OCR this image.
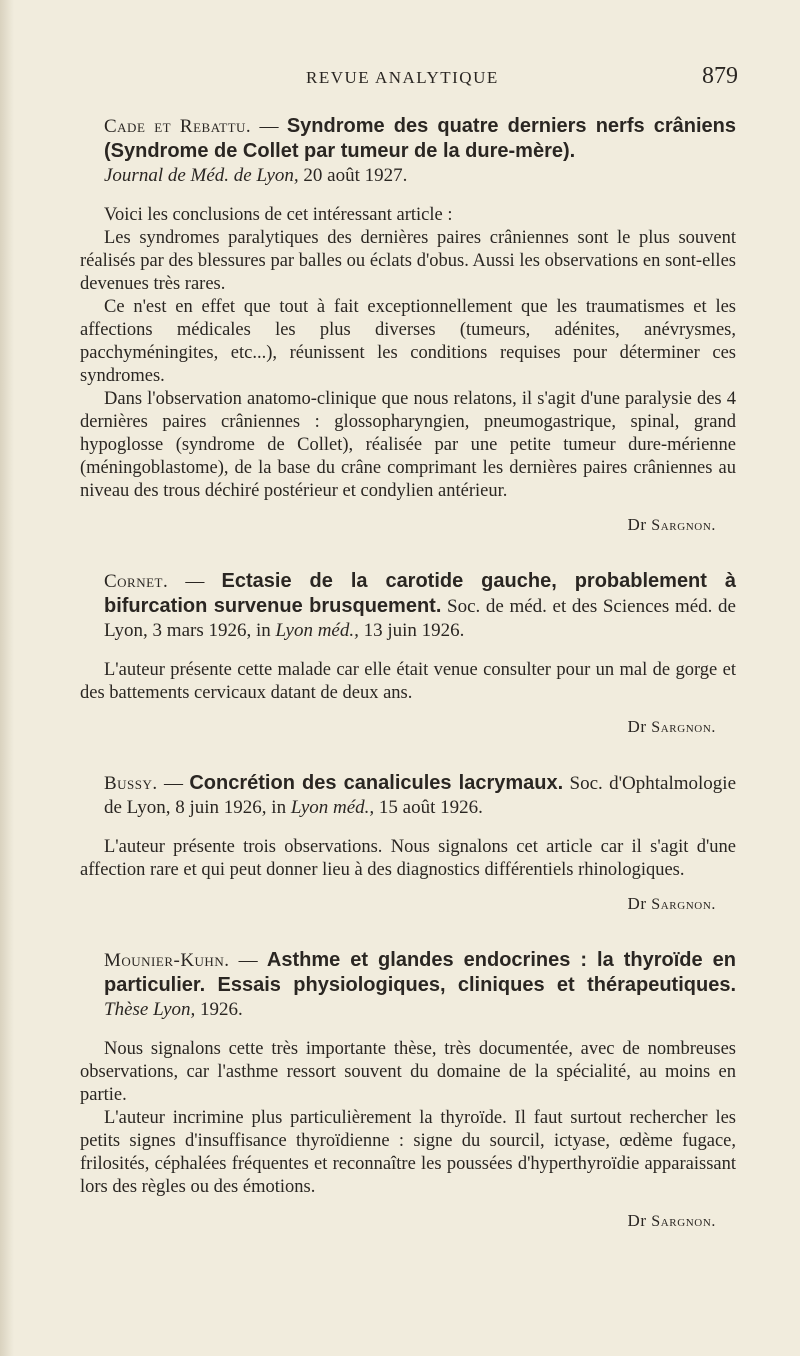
REVUE ANALYTIQUE	879

Cade et Rebattu. — Syndrome des quatre derniers nerfs crâniens (Syndrome de Collet par tumeur de la dure-mère).
Journal de Méd. de Lyon, 20 août 1927.

Voici les conclusions de cet intéressant article :

Les syndromes paralytiques des dernières paires crâniennes sont le plus souvent réalisés par des blessures par balles ou éclats d'obus. Aussi les observations en sont-elles devenues très rares.

Ce n'est en effet que tout à fait exceptionnellement que les traumatismes et les affections médicales les plus diverses (tumeurs, adénites, anévrysmes, pacchyméningites, etc...), réunissent les conditions requises pour déterminer ces syndromes.

Dans l'observation anatomo-clinique que nous relatons, il s'agit d'une paralysie des 4 dernières paires crâniennes : glossopharyngien, pneumogastrique, spinal, grand hypoglosse (syndrome de Collet), réalisée par une petite tumeur dure-mérienne (méningoblastome), de la base du crâne comprimant les dernières paires crâniennes au niveau des trous déchiré postérieur et condylien antérieur.

Dr Sargnon.

Cornet. — Ectasie de la carotide gauche, probablement à bifurcation survenue brusquement. Soc. de méd. et des Sciences méd. de Lyon, 3 mars 1926, in Lyon méd., 13 juin 1926.

L'auteur présente cette malade car elle était venue consulter pour un mal de gorge et des battements cervicaux datant de deux ans.

Dr Sargnon.

Bussy. — Concrétion des canalicules lacrymaux. Soc. d'Ophtalmologie de Lyon, 8 juin 1926, in Lyon méd., 15 août 1926.

L'auteur présente trois observations. Nous signalons cet article car il s'agit d'une affection rare et qui peut donner lieu à des diagnostics différentiels rhinologiques.

Dr Sargnon.

Mounier-Kuhn. — Asthme et glandes endocrines : la thyroïde en particulier. Essais physiologiques, cliniques et thérapeutiques. Thèse Lyon, 1926.

Nous signalons cette très importante thèse, très documentée, avec de nombreuses observations, car l'asthme ressort souvent du domaine de la spécialité, au moins en partie.

L'auteur incrimine plus particulièrement la thyroïde. Il faut surtout rechercher les petits signes d'insuffisance thyroïdienne : signe du sourcil, ictyase, œdème fugace, frilosités, céphalées fréquentes et reconnaître les poussées d'hyperthyroïdie apparaissant lors des règles ou des émotions.

Dr Sargnon.
